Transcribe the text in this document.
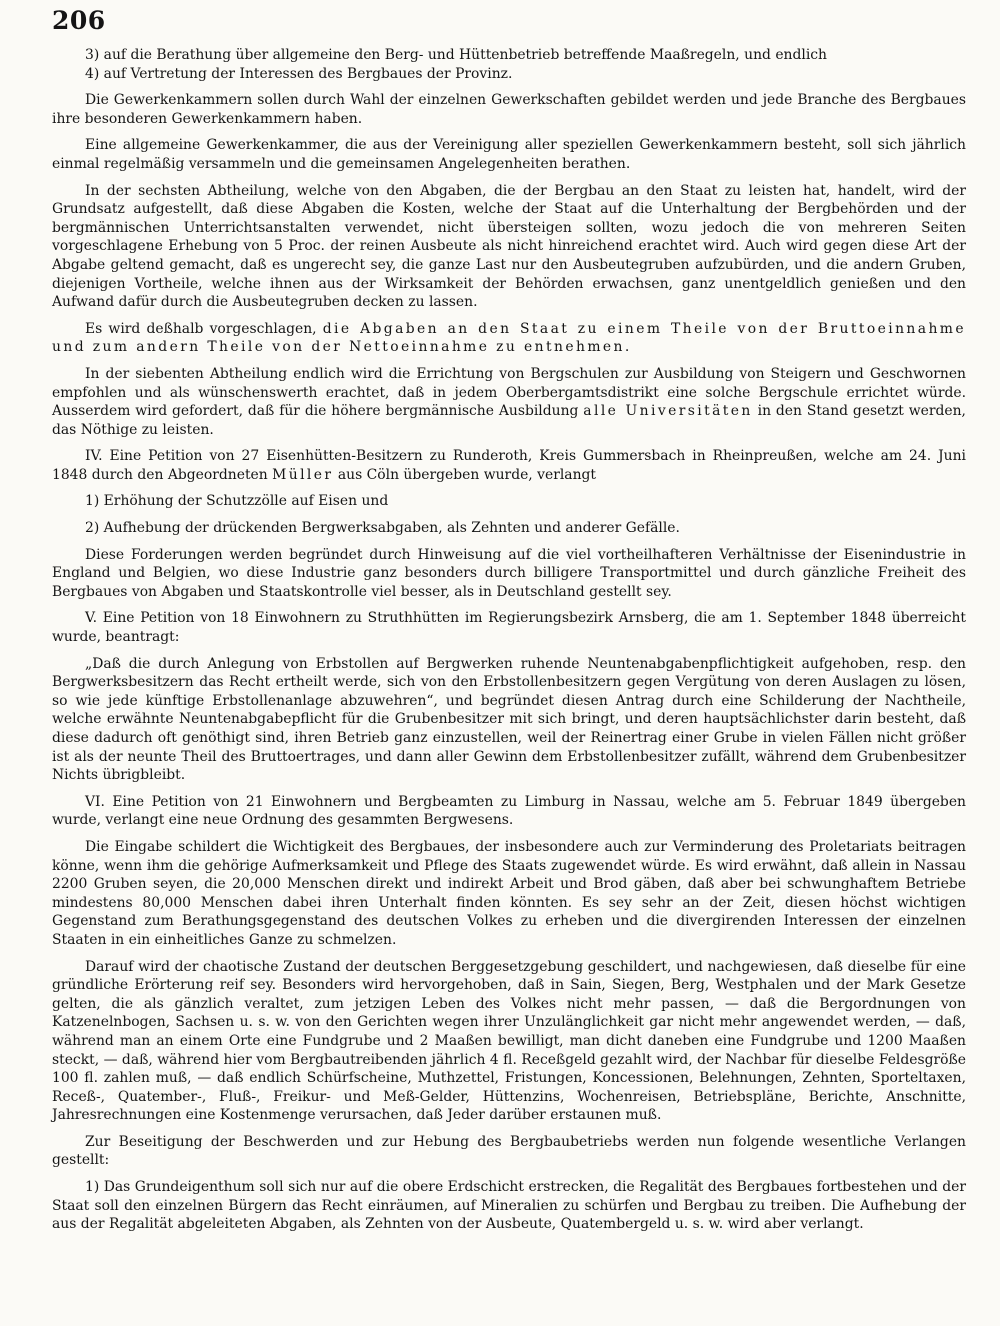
206

3) auf die Berathung über allgemeine den Berg- und Hüttenbetrieb betreffende Maaßregeln, und endlich

4) auf Vertretung der Interessen des Bergbaues der Provinz.

Die Gewerkenkammern sollen durch Wahl der einzelnen Gewerkschaften gebildet werden und jede Branche des Bergbaues ihre besonderen Gewerkenkammern haben.

Eine allgemeine Gewerkenkammer, die aus der Vereinigung aller speziellen Gewerkenkammern besteht, soll sich jährlich einmal regelmäßig versammeln und die gemeinsamen Angelegenheiten berathen.

In der sechsten Abtheilung, welche von den Abgaben, die der Bergbau an den Staat zu leisten hat, handelt, wird der Grundsatz aufgestellt, daß diese Abgaben die Kosten, welche der Staat auf die Unterhaltung der Bergbehörden und der bergmännischen Unterrichtsanstalten verwendet, nicht übersteigen sollten, wozu jedoch die von mehreren Seiten vorgeschlagene Erhebung von 5 Proc. der reinen Ausbeute als nicht hinreichend erachtet wird. Auch wird gegen diese Art der Abgabe geltend gemacht, daß es ungerecht sey, die ganze Last nur den Ausbeutegruben aufzubürden, und die andern Gruben, diejenigen Vortheile, welche ihnen aus der Wirksamkeit der Behörden erwachsen, ganz unentgeldlich genießen und den Aufwand dafür durch die Ausbeutegruben decken zu lassen.

Es wird deßhalb vorgeschlagen, die Abgaben an den Staat zu einem Theile von der Bruttoeinnahme und zum andern Theile von der Nettoeinnahme zu entnehmen.

In der siebenten Abtheilung endlich wird die Errichtung von Bergschulen zur Ausbildung von Steigern und Geschwornen empfohlen und als wünschenswerth erachtet, daß in jedem Oberbergamtsdistrikt eine solche Bergschule errichtet würde. Ausserdem wird gefordert, daß für die höhere bergmännische Ausbildung alle Universitäten in den Stand gesetzt werden, das Nöthige zu leisten.

IV. Eine Petition von 27 Eisenhütten-Besitzern zu Runderoth, Kreis Gummersbach in Rheinpreußen, welche am 24. Juni 1848 durch den Abgeordneten Müller aus Cöln übergeben wurde, verlangt

1) Erhöhung der Schutzzölle auf Eisen und

2) Aufhebung der drückenden Bergwerksabgaben, als Zehnten und anderer Gefälle.

Diese Forderungen werden begründet durch Hinweisung auf die viel vortheilhafteren Verhältnisse der Eisenindustrie in England und Belgien, wo diese Industrie ganz besonders durch billigere Transportmittel und durch gänzliche Freiheit des Bergbaues von Abgaben und Staatskontrolle viel besser, als in Deutschland gestellt sey.

V. Eine Petition von 18 Einwohnern zu Struthhütten im Regierungsbezirk Arnsberg, die am 1. September 1848 überreicht wurde, beantragt:

„Daß die durch Anlegung von Erbstollen auf Bergwerken ruhende Neuntenabgabenpflichtigkeit aufgehoben, resp. den Bergwerksbesitzern das Recht ertheilt werde, sich von den Erbstollenbesitzern gegen Vergütung von deren Auslagen zu lösen, so wie jede künftige Erbstollenanlage abzuwehren“, und begründet diesen Antrag durch eine Schilderung der Nachtheile, welche erwähnte Neuntenabgabepflicht für die Grubenbesitzer mit sich bringt, und deren hauptsächlichster darin besteht, daß diese dadurch oft genöthigt sind, ihren Betrieb ganz einzustellen, weil der Reinertrag einer Grube in vielen Fällen nicht größer ist als der neunte Theil des Bruttoertrages, und dann aller Gewinn dem Erbstollenbesitzer zufällt, während dem Grubenbesitzer Nichts übrigbleibt.

VI. Eine Petition von 21 Einwohnern und Bergbeamten zu Limburg in Nassau, welche am 5. Februar 1849 übergeben wurde, verlangt eine neue Ordnung des gesammten Bergwesens.

Die Eingabe schildert die Wichtigkeit des Bergbaues, der insbesondere auch zur Verminderung des Proletariats beitragen könne, wenn ihm die gehörige Aufmerksamkeit und Pflege des Staats zugewendet würde. Es wird erwähnt, daß allein in Nassau 2200 Gruben seyen, die 20,000 Menschen direkt und indirekt Arbeit und Brod gäben, daß aber bei schwunghaftem Betriebe mindestens 80,000 Menschen dabei ihren Unterhalt finden könnten. Es sey sehr an der Zeit, diesen höchst wichtigen Gegenstand zum Berathungsgegenstand des deutschen Volkes zu erheben und die divergirenden Interessen der einzelnen Staaten in ein einheitliches Ganze zu schmelzen.

Darauf wird der chaotische Zustand der deutschen Berggesetzgebung geschildert, und nachgewiesen, daß dieselbe für eine gründliche Erörterung reif sey. Besonders wird hervorgehoben, daß in Sain, Siegen, Berg, Westphalen und der Mark Gesetze gelten, die als gänzlich veraltet, zum jetzigen Leben des Volkes nicht mehr passen, — daß die Bergordnungen von Katzenelnbogen, Sachsen u. s. w. von den Gerichten wegen ihrer Unzulänglichkeit gar nicht mehr angewendet werden, — daß, während man an einem Orte eine Fundgrube und 2 Maaßen bewilligt, man dicht daneben eine Fundgrube und 1200 Maaßen steckt, — daß, während hier vom Bergbautreibenden jährlich 4 fl. Receßgeld gezahlt wird, der Nachbar für dieselbe Feldesgröße 100 fl. zahlen muß, — daß endlich Schürfscheine, Muthzettel, Fristungen, Koncessionen, Belehnungen, Zehnten, Sporteltaxen, Receß-, Quatember-, Fluß-, Freikur- und Meß-Gelder, Hüttenzins, Wochenreisen, Betriebspläne, Berichte, Anschnitte, Jahresrechnungen eine Kostenmenge verursachen, daß Jeder darüber erstaunen muß.

Zur Beseitigung der Beschwerden und zur Hebung des Bergbaubetriebs werden nun folgende wesentliche Verlangen gestellt:

1) Das Grundeigenthum soll sich nur auf die obere Erdschicht erstrecken, die Regalität des Bergbaues fortbestehen und der Staat soll den einzelnen Bürgern das Recht einräumen, auf Mineralien zu schürfen und Bergbau zu treiben. Die Aufhebung der aus der Regalität abgeleiteten Abgaben, als Zehnten von der Ausbeute, Quatembergeld u. s. w. wird aber verlangt.
